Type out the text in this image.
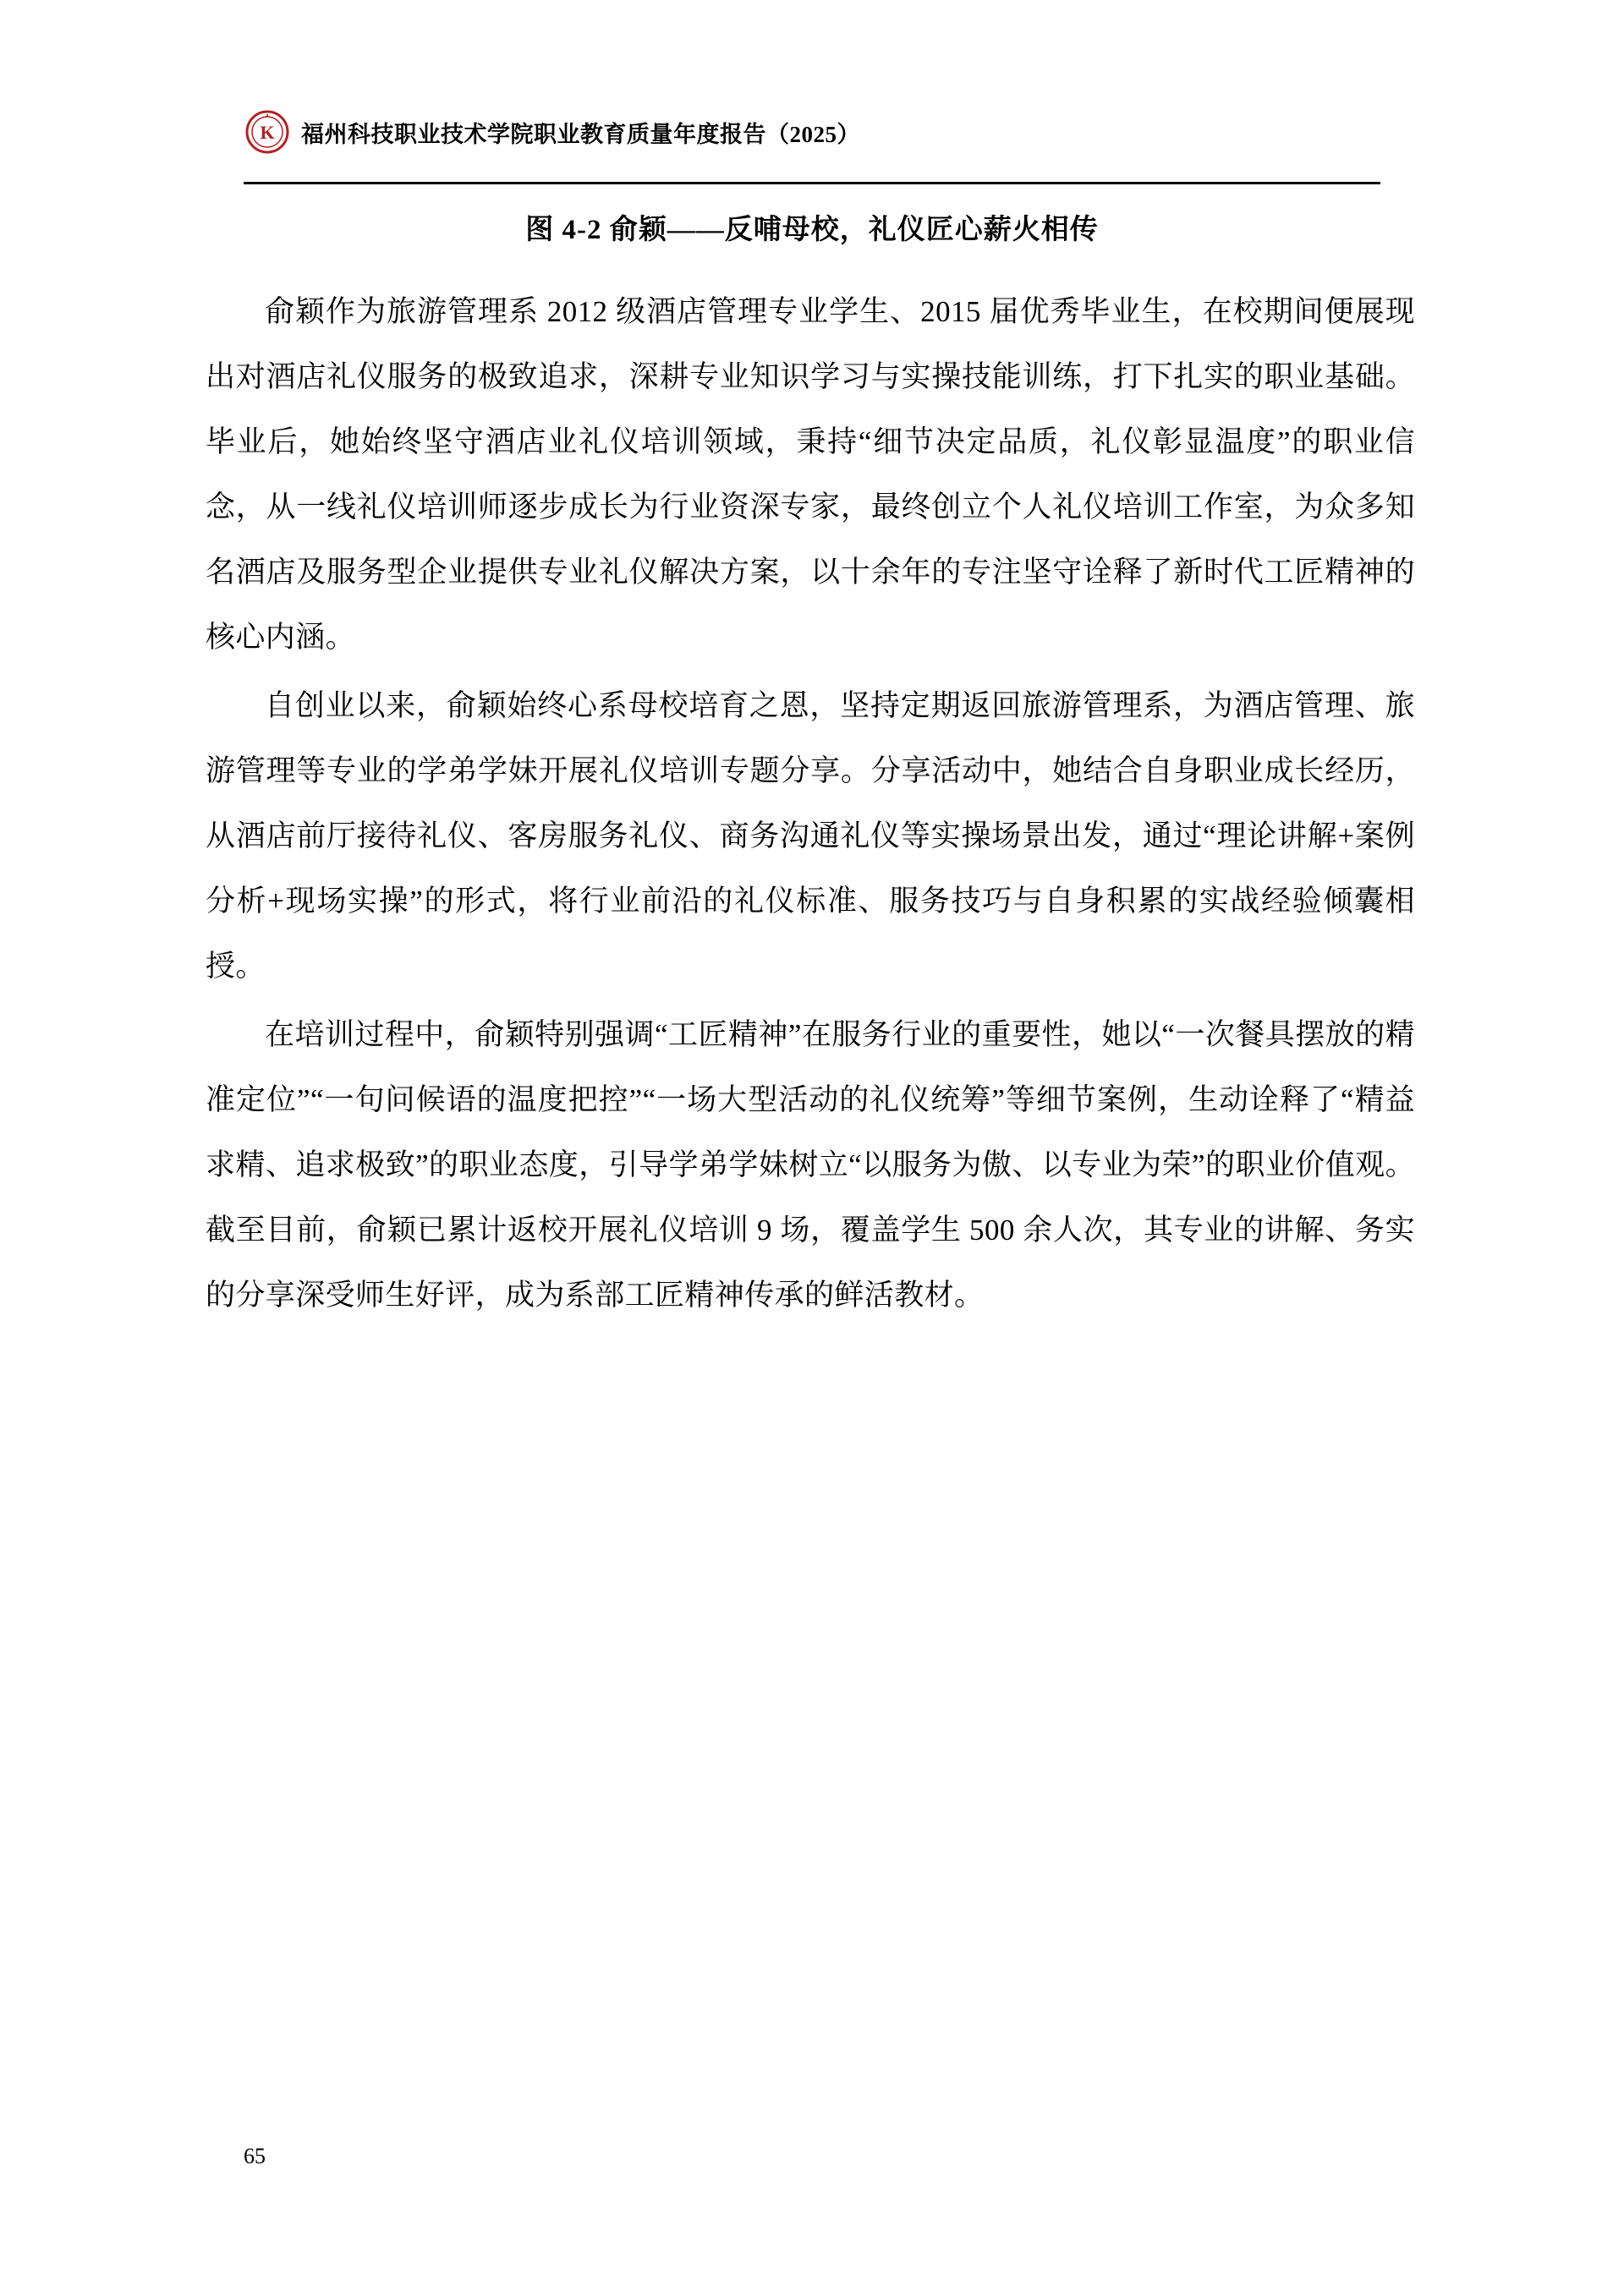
K 福州科技职业技术学院职业教育质量年度报告（2025）
图 4-2 俞颖——反哺母校，礼仪匠心薪火相传

俞颖作为旅游管理系 2012 级酒店管理专业学生、2015 届优秀毕业生，在校期间便展现出对酒店礼仪服务的极致追求，深耕专业知识学习与实操技能训练，打下扎实的职业基础。毕业后，她始终坚守酒店业礼仪培训领域，秉持“细节决定品质，礼仪彰显温度”的职业信念，从一线礼仪培训师逐步成长为行业资深专家，最终创立个人礼仪培训工作室，为众多知名酒店及服务型企业提供专业礼仪解决方案，以十余年的专注坚守诠释了新时代工匠精神的核心内涵。

自创业以来，俞颖始终心系母校培育之恩，坚持定期返回旅游管理系，为酒店管理、旅游管理等专业的学弟学妹开展礼仪培训专题分享。分享活动中，她结合自身职业成长经历，从酒店前厅接待礼仪、客房服务礼仪、商务沟通礼仪等实操场景出发，通过“理论讲解+案例分析+现场实操”的形式，将行业前沿的礼仪标准、服务技巧与自身积累的实战经验倾囊相授。

在培训过程中，俞颖特别强调“工匠精神”在服务行业的重要性，她以“一次餐具摆放的精准定位”“一句问候语的温度把控”“一场大型活动的礼仪统筹”等细节案例，生动诠释了“精益求精、追求极致”的职业态度，引导学弟学妹树立“以服务为傲、以专业为荣”的职业价值观。截至目前，俞颖已累计返校开展礼仪培训 9 场，覆盖学生 500 余人次，其专业的讲解、务实的分享深受师生好评，成为系部工匠精神传承的鲜活教材。

65
